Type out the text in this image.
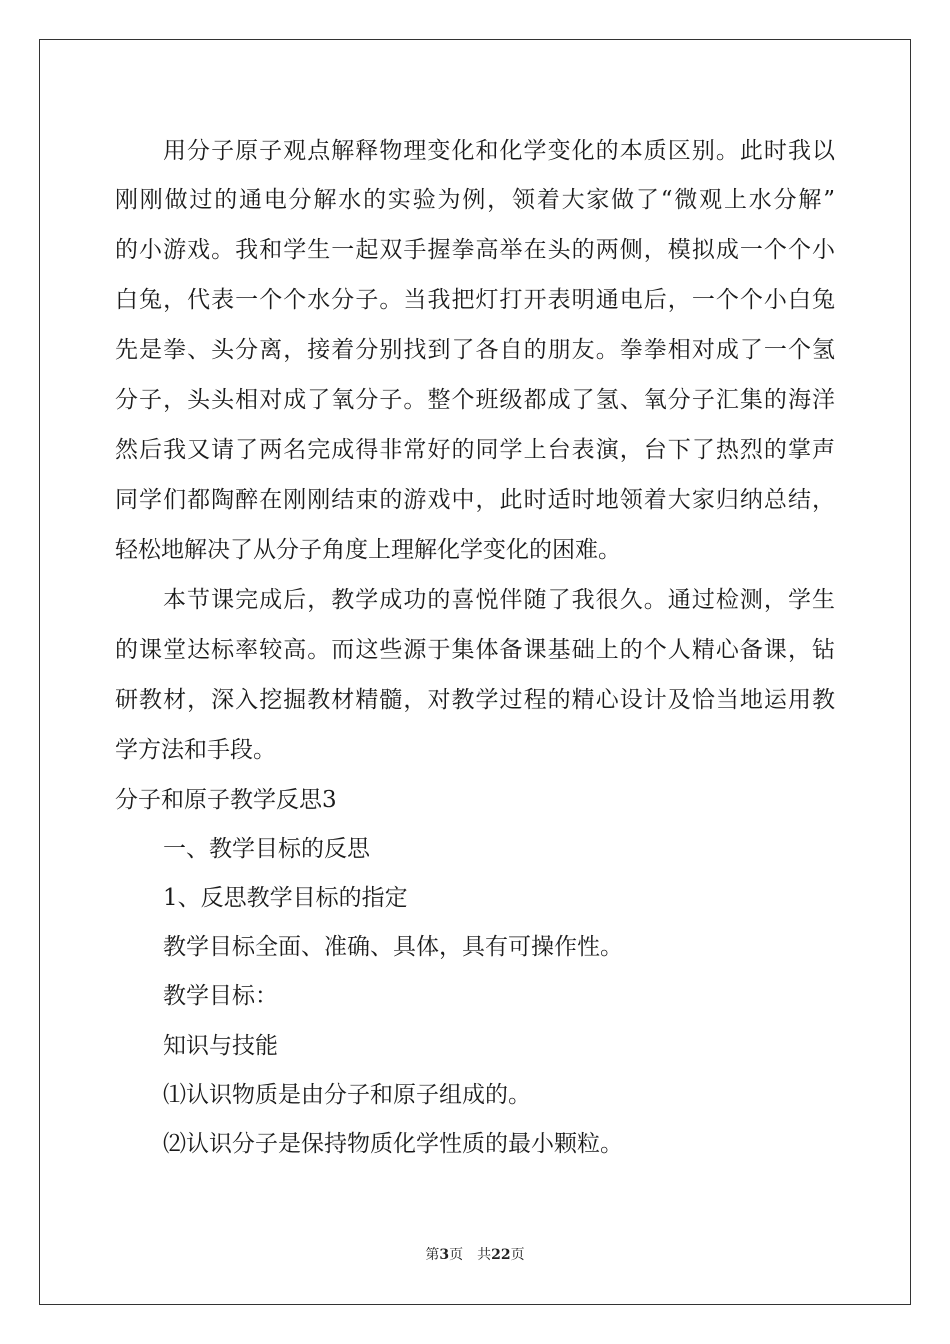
用分子原子观点解释物理变化和化学变化的本质区别。此时我以
刚刚做过的通电分解水的实验为例，领着大家做了“微观上水分解”
的小游戏。我和学生一起双手握拳高举在头的两侧，模拟成一个个小
白兔，代表一个个水分子。当我把灯打开表明通电后，一个个小白兔
先是拳、头分离，接着分别找到了各自的朋友。拳拳相对成了一个氢
分子，头头相对成了氧分子。整个班级都成了氢、氧分子汇集的海洋
然后我又请了两名完成得非常好的同学上台表演，台下了热烈的掌声
同学们都陶醉在刚刚结束的游戏中，此时适时地领着大家归纳总结，
轻松地解决了从分子角度上理解化学变化的困难。
本节课完成后，教学成功的喜悦伴随了我很久。通过检测，学生
的课堂达标率较高。而这些源于集体备课基础上的个人精心备课，钻
研教材，深入挖掘教材精髓，对教学过程的精心设计及恰当地运用教
学方法和手段。
分子和原子教学反思3
一、教学目标的反思
1、反思教学目标的指定
教学目标全面、准确、具体，具有可操作性。
教学目标：
知识与技能
⑴认识物质是由分子和原子组成的。
⑵认识分子是保持物质化学性质的最小颗粒。
第3页　共22页
